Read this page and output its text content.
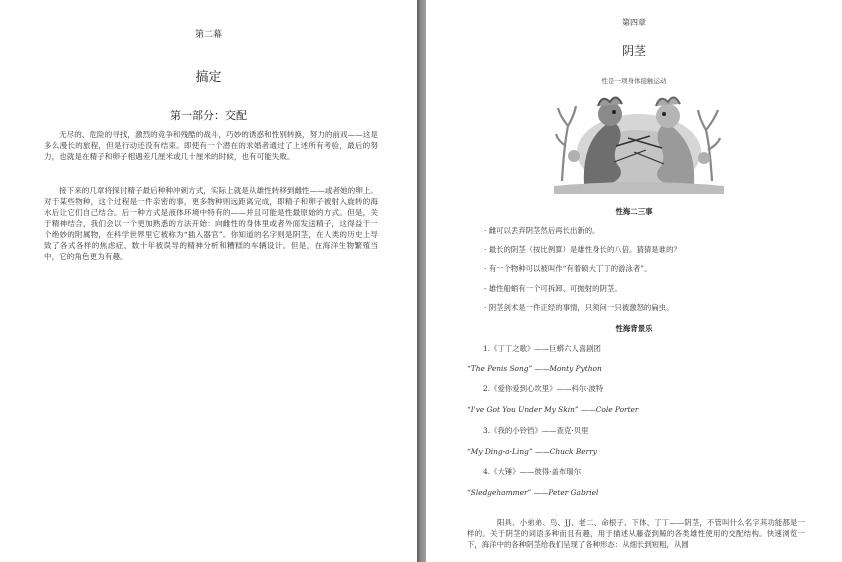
第二幕
搞定
第一部分：交配

无尽的、危险的寻找，激烈的竞争和残酷的战斗，巧妙的诱惑和性别转换，努力的前戏——这是多么漫长的旅程，但是行动还没有结束。即使有一个潜在的求婚者通过了上述所有考验，最后的努力，也就是在精子和卵子相遇差几厘米或几十厘米的时候，也有可能失败。

接下来的几章将探讨精子最后种种冲刺方式，实际上就是从雄性转移到雌性——或者她的卵上。对于某些物种，这个过程是一件亲密的事，更多物种则远距离完成，即精子和卵子被射入旋转的海水后让它们自己结合。后一种方式是液体环境中特有的——并且可能是性最原始的方式。但是，关于精神结合，我们会以一个更加熟悉的方法开始：向雌性的身体里或者外面发送精子，这得益于一个绝妙的附属物，在科学世界里它被称为“插入器官”。你知道的名字则是阴茎，在人类的历史上导致了各式各样的焦虑症、数十年被误导的精神分析和糟糕的车辆设计。但是，在海洋生物繁殖当中，它的角色更为有趣。

第四章
阴茎
性是一项身体接触运动
性海二三事
· 雌可以丢弃阴茎然后再长出新的。
· 最长的阴茎（按比例算）是雄性身长的八倍。猜猜是谁的？
· 有一个物种可以被叫作“有着硕大丁丁的游泳者”。
· 雄性船蛸有一个可拆卸、可抛射的阴茎。
· 阴茎剑术是一件正经的事情，只须问一只被激怒的扁虫。
性海背景乐
1.《丁丁之歌》——巨蟒六人喜剧团
“The Penis Song” ——Monty Python
2.《爱你爱到心坎里》——科尔·波特
“I've Got You Under My Skin” ——Cole Porter
3.《我的小铃铛》——查克·贝里
“My Ding-a-Ling” ——Chuck Berry
4.《大锤》——彼得·盖布瑞尔
“Sledgehammer” ——Peter Gabriel

阳具、小弟弟、鸟、JJ、老二、命根子、下体、丁丁——阴茎，不管叫什么名字其功能都是一样的。关于阴茎的词语多种而且有趣，用于描述从藤壶到鲸的各类雄性使用的交配结构。快速浏览一下，海洋中的各种阴茎给我们呈现了各种形态：从细长到短粗，从圆
